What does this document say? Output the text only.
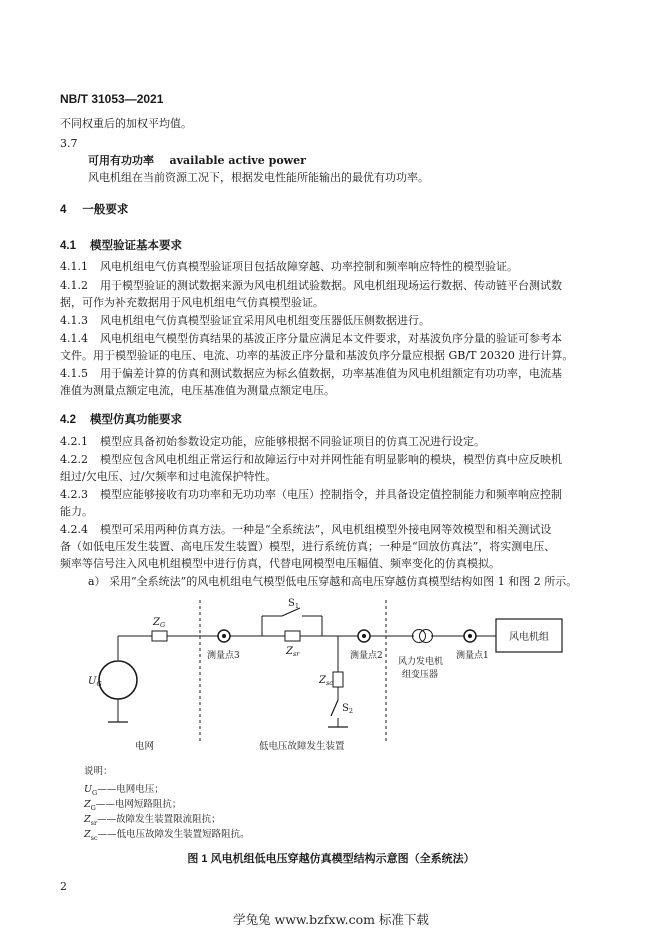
NB/T 31053—2021
不同权重后的加权平均值。
3.7
可用有功功率 available active power
风电机组在当前资源工况下，根据发电性能所能输出的最优有功功率。
4 一般要求
4.1 模型验证基本要求
4.1.1 风电机组电气仿真模型验证项目包括故障穿越、功率控制和频率响应特性的模型验证。
4.1.2 用于模型验证的测试数据来源为风电机组试验数据。风电机组现场运行数据、传动链平台测试数
据，可作为补充数据用于风电机组电气仿真模型验证。
4.1.3 风电机组电气仿真模型验证宜采用风电机组变压器低压侧数据进行。
4.1.4 风电机组电气模型仿真结果的基波正序分量应满足本文件要求，对基波负序分量的验证可参考本
文件。用于模型验证的电压、电流、功率的基波正序分量和基波负序分量应根据 GB/T 20320 进行计算。
4.1.5 用于偏差计算的仿真和测试数据应为标幺值数据，功率基准值为风电机组额定有功功率，电流基
准值为测量点额定电流，电压基准值为测量点额定电压。
4.2 模型仿真功能要求
4.2.1 模型应具备初始参数设定功能，应能够根据不同验证项目的仿真工况进行设定。
4.2.2 模型应包含风电机组正常运行和故障运行中对并网性能有明显影响的模块，模型仿真中应反映机
组过/欠电压、过/欠频率和过电流保护特性。
4.2.3 模型应能够接收有功功率和无功功率（电压）控制指令，并具备设定值控制能力和频率响应控制
能力。
4.2.4 模型可采用两种仿真方法。一种是“全系统法”，风电机组模型外接电网等效模型和相关测试设
备（如低电压发生装置、高电压发生装置）模型，进行系统仿真；一种是“回放仿真法”，将实测电压、
频率等信号注入风电机组模型中进行仿真，代替电网模型电压幅值、频率变化的仿真模拟。
a） 采用“全系统法”的风电机组电气模型低电压穿越和高电压穿越仿真模型结构如图 1 和图 2 所示。
$Z_G$
$S_1$
$Z_{sr}$
$Z_{sc}$
$S_2$
$U_G$
测量点3	测量点2	测量点1
风力发电机
组变压器
风电机组
电网	低电压故障发生装置
说明：
$U_G——$电网电压；
$Z_G——$电网短路阻抗；
$Z_{sr}——$故障发生装置限流阻抗；
$Z_{sc}——$低电压故障发生装置短路阻抗。
图 1 风电机组低电压穿越仿真模型结构示意图（全系统法）
2
学兔兔 www.bzfxw.com 标准下载
